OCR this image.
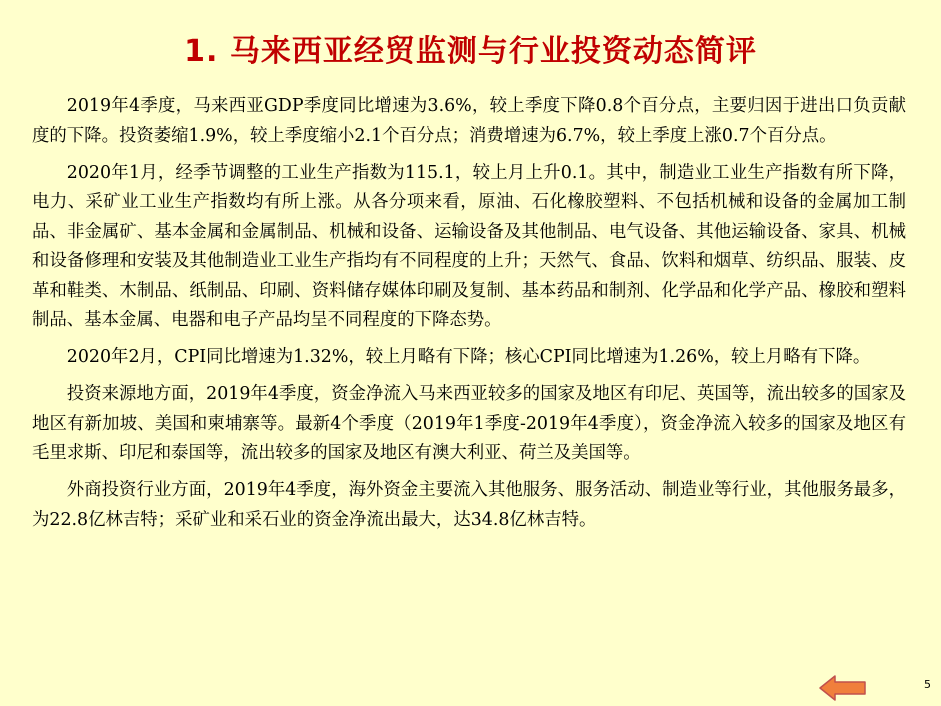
1. 马来西亚经贸监测与行业投资动态简评

2019年4季度，马来西亚GDP季度同比增速为3.6%，较上季度下降0.8个百分点，主要归因于进出口负贡献度的下降。投资萎缩1.9%，较上季度缩小2.1个百分点；消费增速为6.7%，较上季度上涨0.7个百分点。

2020年1月，经季节调整的工业生产指数为115.1，较上月上升0.1。其中，制造业工业生产指数有所下降，电力、采矿业工业生产指数均有所上涨。从各分项来看，原油、石化橡胶塑料、不包括机械和设备的金属加工制品、非金属矿、基本金属和金属制品、机械和设备、运输设备及其他制品、电气设备、其他运输设备、家具、机械和设备修理和安装及其他制造业工业生产指均有不同程度的上升；天然气、食品、饮料和烟草、纺织品、服装、皮革和鞋类、木制品、纸制品、印刷、资料储存媒体印刷及复制、基本药品和制剂、化学品和化学产品、橡胶和塑料制品、基本金属、电器和电子产品均呈不同程度的下降态势。

2020年2月，CPI同比增速为1.32%，较上月略有下降；核心CPI同比增速为1.26%，较上月略有下降。

投资来源地方面，2019年4季度，资金净流入马来西亚较多的国家及地区有印尼、英国等，流出较多的国家及地区有新加坡、美国和柬埔寨等。最新4个季度（2019年1季度-2019年4季度），资金净流入较多的国家及地区有毛里求斯、印尼和泰国等，流出较多的国家及地区有澳大利亚、荷兰及美国等。

外商投资行业方面，2019年4季度，海外资金主要流入其他服务、服务活动、制造业等行业，其他服务最多，为22.8亿林吉特；采矿业和采石业的资金净流出最大，达34.8亿林吉特。

5
